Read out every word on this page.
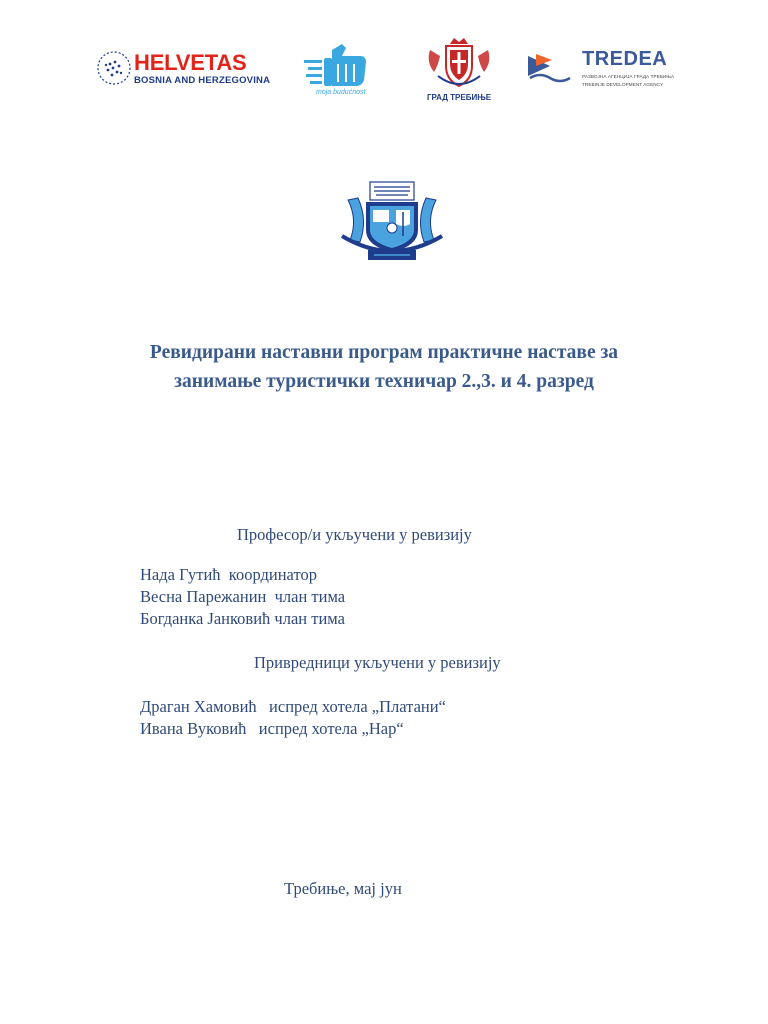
HELVETAS
BOSNIA AND HERZEGOVINA
moja budućnost
ГРАД ТРЕБИЊЕ
TREDEA
РАЗВОЈНА АГЕНЦИЈА ГРАДА ТРЕБИЊА
TREBINJE DEVELOPMENT AGENCY
Ревидирани наставни програм практичне наставе за
занимање туристички техничар 2.,3. и 4. разред
Професор/и укључени у ревизију
Нада Гутић  координатор
Весна Парежанин  члан тима
Богданка Јанковић члан тима
Привредници укључени у ревизију
Драган Хамовић   испред хотела „Платани“
Ивана Вуковић   испред хотела „Нар“
Требиње, мај јун
